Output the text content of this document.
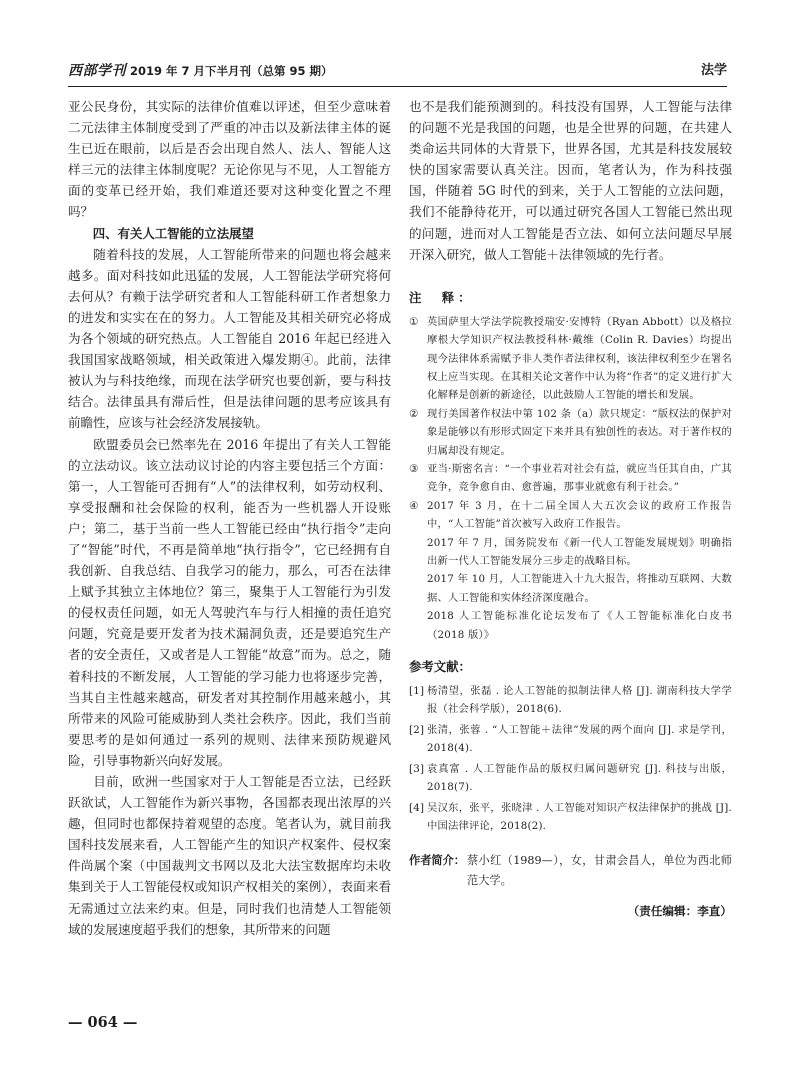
西部学刊 2019 年 7 月下半月刊（总第 95 期）	法学

亚公民身份，其实际的法律价值难以评述，但至少意味着二元法律主体制度受到了严重的冲击以及新法律主体的诞生已近在眼前，以后是否会出现自然人、法人、智能人这样三元的法律主体制度呢？无论你见与不见，人工智能方面的变革已经开始，我们难道还要对这种变化置之不理吗？

四、有关人工智能的立法展望

随着科技的发展，人工智能所带来的问题也将会越来越多。面对科技如此迅猛的发展，人工智能法学研究将何去何从？有赖于法学研究者和人工智能科研工作者想象力的进发和实实在在的努力。人工智能及其相关研究必将成为各个领域的研究热点。人工智能自 2016 年起已经进入我国国家战略领域，相关政策进入爆发期④。此前，法律被认为与科技绝缘，而现在法学研究也要创新，要与科技结合。法律虽具有滞后性，但是法律问题的思考应该具有前瞻性，应该与社会经济发展接轨。

欧盟委员会已然率先在 2016 年提出了有关人工智能的立法动议。该立法动议讨论的内容主要包括三个方面：第一，人工智能可否拥有“人”的法律权利，如劳动权利、享受报酬和社会保险的权利，能否为一些机器人开设账户；第二，基于当前一些人工智能已经由“执行指令”走向了“智能”时代，不再是简单地“执行指令”，它已经拥有自我创新、自我总结、自我学习的能力，那么，可否在法律上赋予其独立主体地位？第三，聚集于人工智能行为引发的侵权责任问题，如无人驾驶汽车与行人相撞的责任追究问题，究竟是要开发者为技术漏洞负责，还是要追究生产者的安全责任，又或者是人工智能“故意”而为。总之，随着科技的不断发展，人工智能的学习能力也将逐步完善，当其自主性越来越高，研发者对其控制作用越来越小，其所带来的风险可能威胁到人类社会秩序。因此，我们当前要思考的是如何通过一系列的规则、法律来预防规避风险，引导事物新兴向好发展。

目前，欧洲一些国家对于人工智能是否立法，已经跃跃欲试，人工智能作为新兴事物，各国都表现出浓厚的兴趣，但同时也都保持着观望的态度。笔者认为，就目前我国科技发展来看，人工智能产生的知识产权案件、侵权案件尚属个案（中国裁判文书网以及北大法宝数据库均未收集到关于人工智能侵权或知识产权相关的案例），表面来看无需通过立法来约束。但是，同时我们也清楚人工智能领域的发展速度超乎我们的想象，其所带来的问题

也不是我们能预测到的。科技没有国界，人工智能与法律的问题不光是我国的问题，也是全世界的问题，在共建人类命运共同体的大背景下，世界各国，尤其是科技发展较快的国家需要认真关注。因而，笔者认为，作为科技强国，伴随着 5G 时代的到来，关于人工智能的立法问题，我们不能静待花开，可以通过研究各国人工智能已然出现的问题，进而对人工智能是否立法、如何立法问题尽早展开深入研究，做人工智能＋法律领域的先行者。

注　释：

① 英国萨里大学法学院教授瑞安·安博特（Ryan Abbott）以及格拉摩根大学知识产权法教授科林·戴维（Colin R. Davies）均提出现今法律体系需赋予非人类作者法律权利，该法律权利至少在署名权上应当实现。在其相关论文著作中认为将“作者”的定义进行扩大化解释是创新的新途径，以此鼓励人工智能的增长和发展。
② 现行美国著作权法中第 102 条（a）款只规定：“版权法的保护对象是能够以有形形式固定下来并具有独创性的表达。对于著作权的归属却没有规定。
③ 亚当·斯密名言：“一个事业若对社会有益，就应当任其自由，广其竞争，竞争愈自由、愈普遍，那事业就愈有利于社会。”
④ 2017 年 3 月，在十二届全国人大五次会议的政府工作报告中，“人工智能”首次被写入政府工作报告。

2017 年 7 月，国务院发布《新一代人工智能发展规划》明确指出新一代人工智能发展分三步走的战略目标。

2017 年 10 月，人工智能进入十九大报告，将推动互联网、大数据、人工智能和实体经济深度融合。

2018 人工智能标准化论坛发布了《人工智能标准化白皮书（2018 版）》

参考文献：

[1] 杨清望，张磊 . 论人工智能的拟制法律人格 [J]. 湖南科技大学学报（社会科学版），2018(6).
[2] 张清，张蓉 . “人工智能＋法律”发展的两个面向 [J]. 求是学刊，2018(4).
[3] 袁真富 . 人工智能作品的版权归属问题研究 [J]. 科技与出版，2018(7).
[4] 吴汉东，张平，张晓津 . 人工智能对知识产权法律保护的挑战 [J]. 中国法律评论，2018(2).
作者简介： 蔡小红（1989—），女，甘肃会昌人，单位为西北师范大学。
（责任编辑：李直）
— 064 —
